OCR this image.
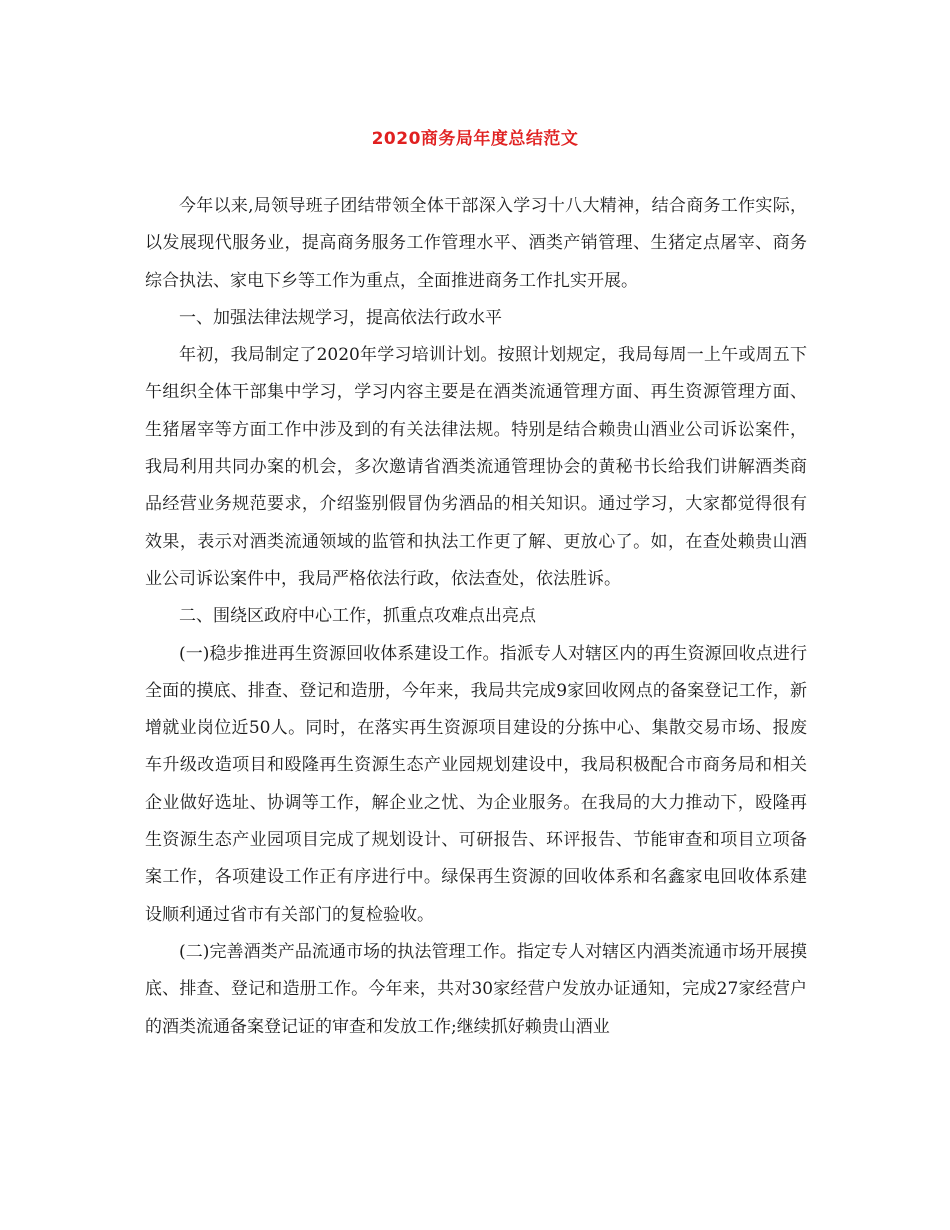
2020商务局年度总结范文

今年以来,局领导班子团结带领全体干部深入学习十八大精神，结合商务工作实际，以发展现代服务业，提高商务服务工作管理水平、酒类产销管理、生猪定点屠宰、商务综合执法、家电下乡等工作为重点，全面推进商务工作扎实开展。

一、加强法律法规学习，提高依法行政水平

年初，我局制定了2020年学习培训计划。按照计划规定，我局每周一上午或周五下午组织全体干部集中学习，学习内容主要是在酒类流通管理方面、再生资源管理方面、生猪屠宰等方面工作中涉及到的有关法律法规。特别是结合赖贵山酒业公司诉讼案件，我局利用共同办案的机会，多次邀请省酒类流通管理协会的黄秘书长给我们讲解酒类商品经营业务规范要求，介绍鉴别假冒伪劣酒品的相关知识。通过学习，大家都觉得很有效果，表示对酒类流通领域的监管和执法工作更了解、更放心了。如，在查处赖贵山酒业公司诉讼案件中，我局严格依法行政，依法查处，依法胜诉。

二、围绕区政府中心工作，抓重点攻难点出亮点

(一)稳步推进再生资源回收体系建设工作。指派专人对辖区内的再生资源回收点进行全面的摸底、排查、登记和造册，今年来，我局共完成9家回收网点的备案登记工作，新增就业岗位近50人。同时，在落实再生资源项目建设的分拣中心、集散交易市场、报废车升级改造项目和殴隆再生资源生态产业园规划建设中，我局积极配合市商务局和相关企业做好选址、协调等工作，解企业之忧、为企业服务。在我局的大力推动下，殴隆再生资源生态产业园项目完成了规划设计、可研报告、环评报告、节能审查和项目立项备案工作，各项建设工作正有序进行中。绿保再生资源的回收体系和名鑫家电回收体系建设顺利通过省市有关部门的复检验收。

(二)完善酒类产品流通市场的执法管理工作。指定专人对辖区内酒类流通市场开展摸底、排查、登记和造册工作。今年来，共对30家经营户发放办证通知，完成27家经营户的酒类流通备案登记证的审查和发放工作;继续抓好赖贵山酒业
